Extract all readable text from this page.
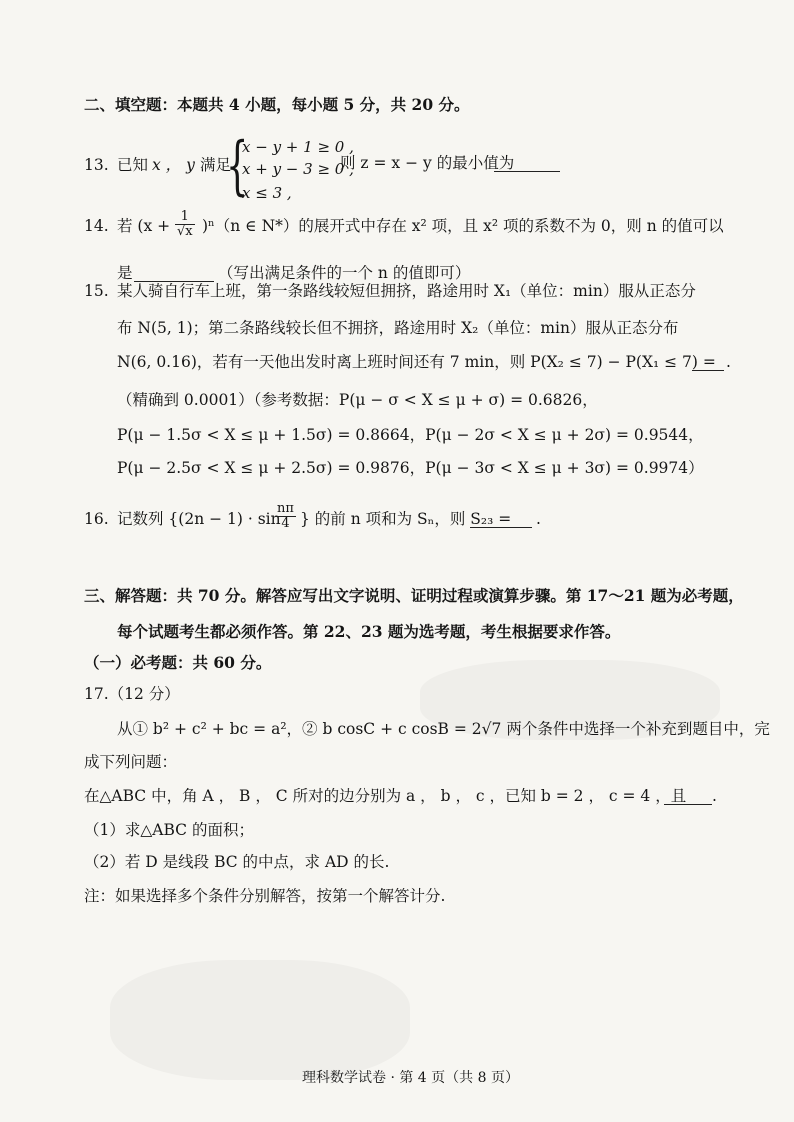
二、填空题：本题共 4 小题，每小题 5 分，共 20 分。
13. 已知 x ， y 满足
{
x − y + 1 ≥ 0 ,
x + y − 3 ≥ 0 ,
x ≤ 3 ,
则 z = x − y 的最小值为
14. 若 $(x + \frac{1}{√x} )^n(n$ ∈ N*）的展开式中存在 x² 项，且 x² 项的系数不为 0，则 n 的值可以
是	（写出满足条件的一个 n 的值即可）
15. 某人骑自行车上班，第一条路线较短但拥挤，路途用时 X₁（单位：min）服从正态分
布 N(5, 1)；第二条路线较长但不拥挤，路途用时 X₂（单位：min）服从正态分布
N(6, 0.16)，若有一天他出发时离上班时间还有 7 min，则 P(X₂ ≤ 7) − P(X₁ ≤ 7) = .
（精确到 0.0001）（参考数据：P(μ − σ < X ≤ μ + σ) = 0.6826，
P(μ − 1.5σ < X ≤ μ + 1.5σ) = 0.8664，P(μ − 2σ < X ≤ μ + 2σ) = 0.9544，
P(μ − 2.5σ < X ≤ μ + 2.5σ) = 0.9876，P(μ − 3σ < X ≤ μ + 3σ) = 0.9974）
16. 记数列 {(2n − 1) · sin
$\frac{n\pi}{4}$ } 的前 n 项和为 Sₙ，则 S₂₃ = .
三、解答题：共 70 分。解答应写出文字说明、证明过程或演算步骤。第 17～21 题为必考题，
每个试题考生都必须作答。第 22、23 题为选考题，考生根据要求作答。
（一）必考题：共 60 分。
17.（12 分）
从① b² + c² + bc = a²，② b cosC + c cosB = 2√7 两个条件中选择一个补充到题目中，完
成下列问题：
在△ABC 中，角 A ， B ， C 所对的边分别为 a ， b ， c ，已知 b = 2 ， c = 4 ，且 .
（1）求△ABC 的面积；
（2）若 D 是线段 BC 的中点，求 AD 的长.
注：如果选择多个条件分别解答，按第一个解答计分.
理科数学试卷 · 第 4 页（共 8 页）
